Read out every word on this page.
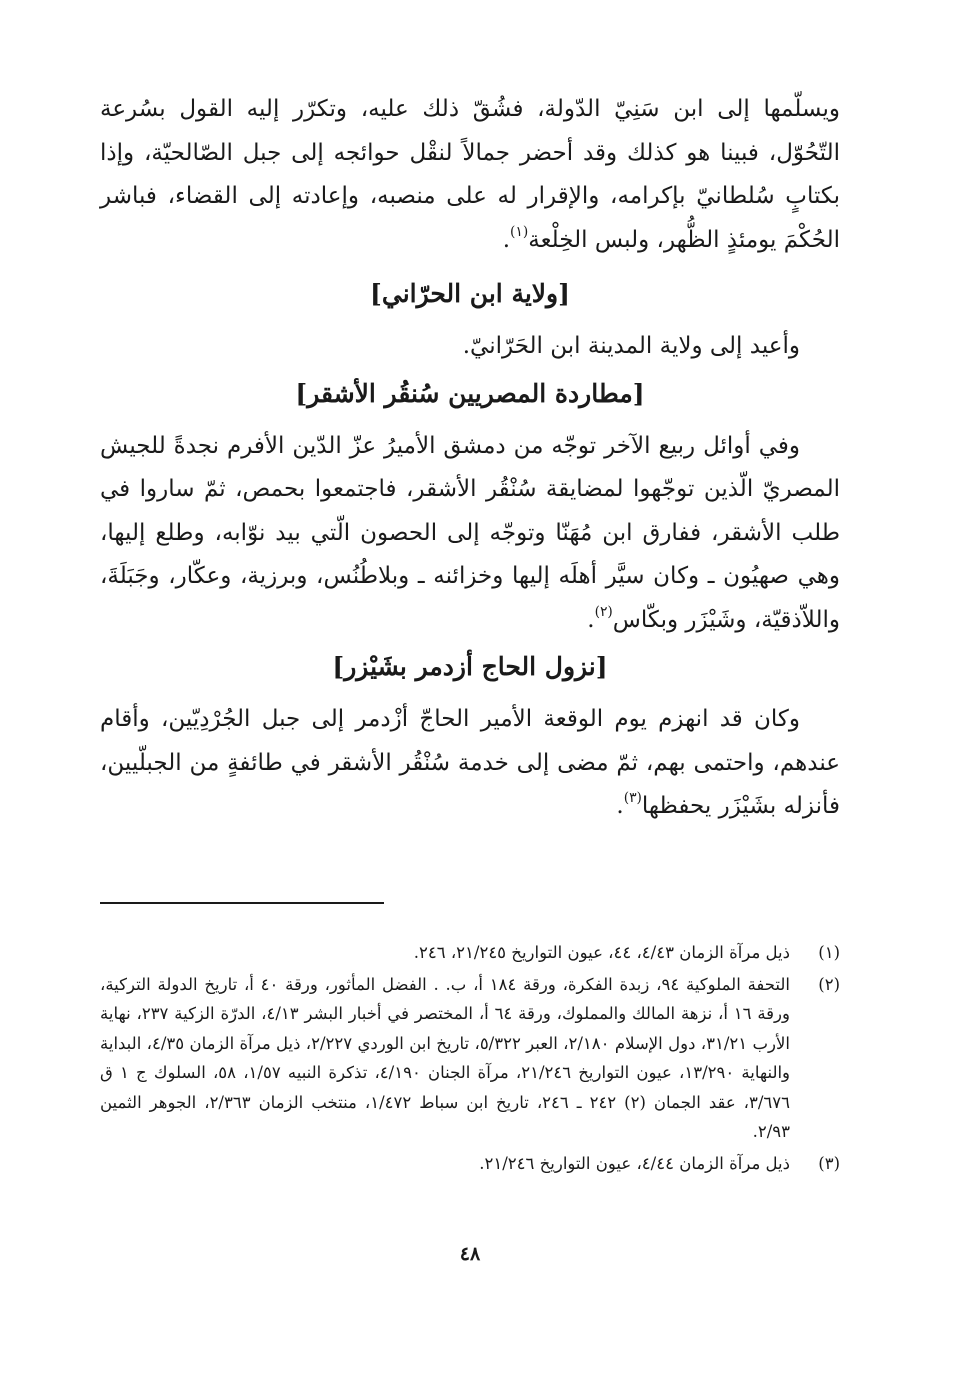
ويسلّمها إلى ابن سَنِيّ الدّولة، فشُقّ ذلك عليه، وتكرّر إليه القول بسُرعة التّحُوّل، فبينا هو كذلك وقد أحضر جمالاً لنقْل حوائجه إلى جبل الصّالحيّة، وإذا بكتابٍ سُلطانيّ بإكرامه، والإقرار له على منصبه، وإعادته إلى القضاء، فباشر الحُكْمَ يومئذٍ الظُّهر، ولبس الخِلْعة$^{(١)}$.

[ولاية ابن الحرّاني]

وأعيد إلى ولاية المدينة ابن الحَرّانيّ.

[مطاردة المصريين سُنقُر الأشقر]

وفي أوائل ربيع الآخر توجّه من دمشق الأميرُ عزّ الدّين الأفرم نجدةً للجيش المصريّ الّذين توجّهوا لمضايقة سُنْقُر الأشقر، فاجتمعوا بحمص، ثمّ ساروا في طلب الأشقر، ففارق ابن مُهَنّا وتوجّه إلى الحصون الّتي بيد نوّابه، وطلع إليها، وهي صهيُون ـ وكان سيَّر أهلَه إليها وخزائنه ـ وبلاطُنُس، وبرزية، وعكّار، وجَبَلَةَ، واللاّذقيّة، وشَيْزَر وبكّاس$^{(٢)}$.

[نزول الحاج أزدمر بشَيْزر]

وكان قد انهزم يوم الوقعة الأمير الحاجّ أزْدمر إلى جبل الجُرْدِيّين، وأقام عندهم، واحتمى بهم، ثمّ مضى إلى خدمة سُنْقُر الأشقر في طائفةٍ من الجبلّيين، فأنزله بشَيْزَر يحفظها$^{(٣)}$.

(١)
ذيل مرآة الزمان ٤/٤٣، ٤٤، عيون التواريخ ٢١/٢٤٥، ٢٤٦.
(٢)
التحفة الملوكية ٩٤، زبدة الفكرة، ورقة ١٨٤ أ، ب. . الفضل المأثور، ورقة ٤٠ أ، تاريخ الدولة التركية، ورقة ١٦ أ، نزهة المالك والمملوك، ورقة ٦٤ أ، المختصر في أخبار البشر ٤/١٣، الدرّة الزكية ٢٣٧، نهاية الأرب ٣١/٢١، دول الإسلام ٢/١٨٠، العبر ٥/٣٢٢، تاريخ ابن الوردي ٢/٢٢٧، ذيل مرآة الزمان ٤/٣٥، البداية والنهاية ١٣/٢٩٠، عيون التواريخ ٢١/٢٤٦، مرآة الجنان ٤/١٩٠، تذكرة النبيه ١/٥٧، ٥٨، السلوك ج ١ ق ٣/٦٧٦، عقد الجمان (٢) ٢٤٢ ـ ٢٤٦، تاريخ ابن سباط ١/٤٧٢، منتخب الزمان ٢/٣٦٣، الجوهر الثمين ٢/٩٣.
(٣)
ذيل مرآة الزمان ٤/٤٤، عيون التواريخ ٢١/٢٤٦.
٤٨
